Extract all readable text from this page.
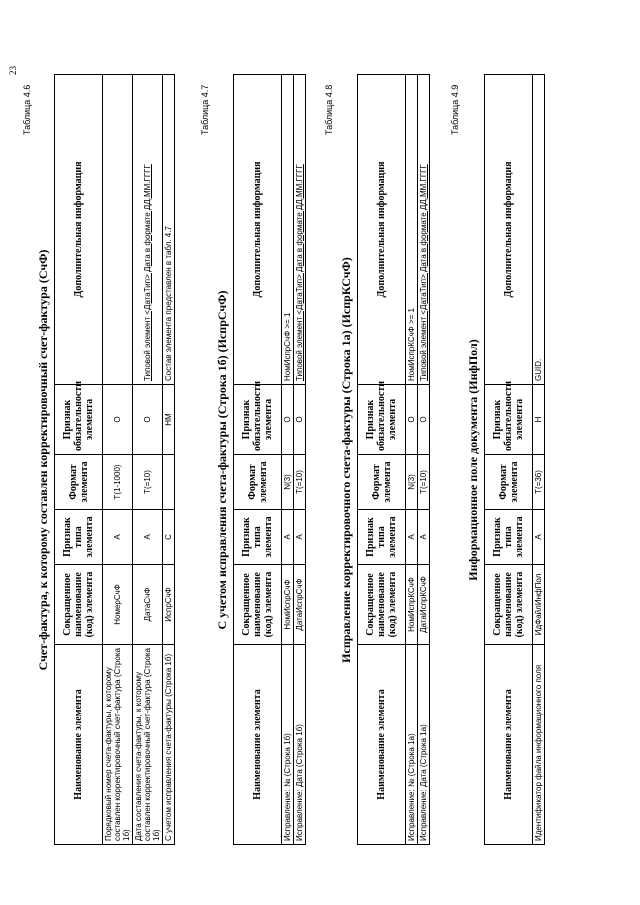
23
Таблица 4.6
Счет-фактура, к которому составлен корректировочный счет-фактура (СчФ)
Наименование элемента	Сокращенное наименование (код) элемента	Признак типа элемента	Формат элемента	Признак обязательности элемента	Дополнительная информация
Порядковый номер счета-фактуры, к которому составлен корректировочный счет-фактура (Строка 1б)	НомерСчФ	А	T(1-1000)	О	
Дата составления счета-фактуры, к которому составлен корректировочный счет-фактура (Строка 1б)	ДатаСчФ	А	T(=10)	О	Типовой элемент <ДатаТип> Дата в формате ДД.ММ.ГГГГ
С учетом исправления счета-фактуры (Строка 1б)	ИспрСчФ	С		НМ	Состав элемента представлен в табл. 4.7
Таблица 4.7
С учетом исправления счета-фактуры (Строка 1б) (ИспрСчФ)
Наименование элемента	Сокращенное наименование (код) элемента	Признак типа элемента	Формат элемента	Признак обязательности элемента	Дополнительная информация
Исправление: № (Строка 1б)	НомИспрСчФ	А	N(3)	О	НомИспрСчФ >= 1
Исправление: Дата (Строка 1б)	ДатаИспрСчФ	А	T(=10)	О	Типовой элемент <ДатаТип> Дата в формате ДД.ММ.ГГГГ
Таблица 4.8
Исправление корректировочного счета-фактуры (Строка 1а) (ИспрКСчФ)
Наименование элемента	Сокращенное наименование (код) элемента	Признак типа элемента	Формат элемента	Признак обязательности элемента	Дополнительная информация
Исправление: № (Строка 1а)	НомИспрКСчФ	А	N(3)	О	НомИспрКСчФ >= 1
Исправление: Дата (Строка 1а)	ДатаИспрКСчФ	А	T(=10)	О	Типовой элемент <ДатаТип> Дата в формате ДД.ММ.ГГГГ
Таблица 4.9
Информационное поле документа (ИнфПол)
Наименование элемента	Сокращенное наименование (код) элемента	Признак типа элемента	Формат элемента	Признак обязательности элемента	Дополнительная информация
Идентификатор файла информационного поля	ИдФайлИнфПол	А	T(=36)	Н	GUID.
